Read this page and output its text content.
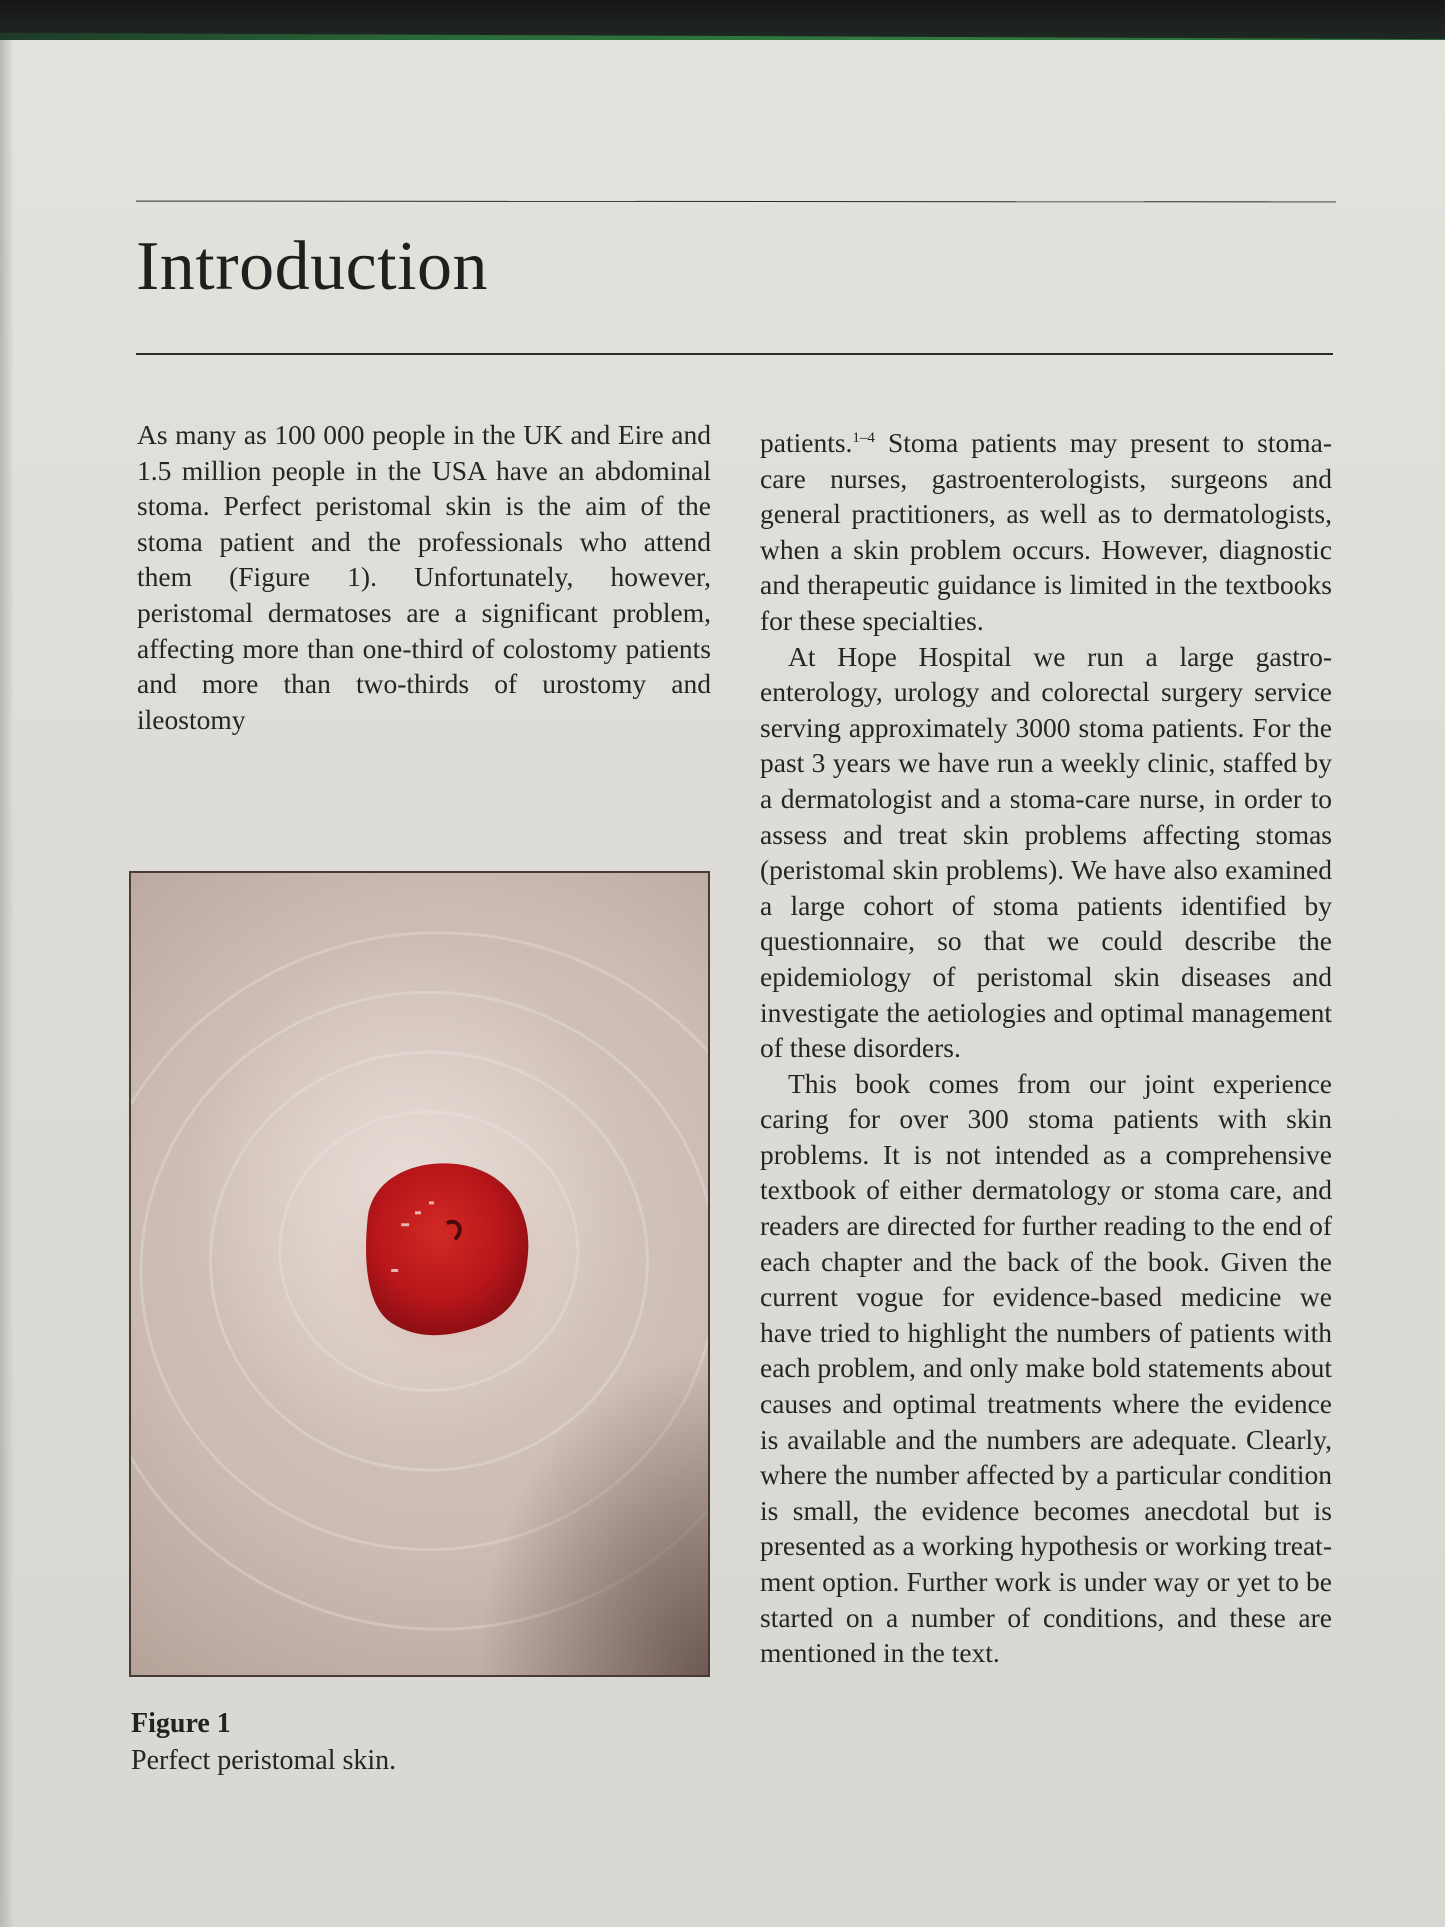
Introduction

As many as 100 000 people in the UK and Eire and 1.5 million people in the USA have an abdominal stoma. Perfect peristomal skin is the aim of the stoma patient and the professionals who attend them (Figure 1). Unfortunately, however, peristomal dermatoses are a significant problem, affecting more than one-third of colostomy patients and more than two-thirds of urostomy and ileostomy

patients.$^{1-4}$ Stoma patients may present to stoma-care nurses, gastroenterologists, surgeons and general practitioners, as well as to dermatologists, when a skin problem occurs. However, diagnostic and therapeutic guidance is limited in the textbooks for these specialties.

At Hope Hospital we run a large gastroenterology, urology and colorectal surgery service serving approximately 3000 stoma patients. For the past 3 years we have run a weekly clinic, staffed by a dermatologist and a stoma-care nurse, in order to assess and treat skin problems affecting stomas (peristomal skin problems). We have also examined a large cohort of stoma patients identified by questionnaire, so that we could describe the epidemiology of peristomal skin diseases and investigate the aetiologies and optimal management of these disorders.

This book comes from our joint experience caring for over 300 stoma patients with skin problems. It is not intended as a comprehensive textbook of either dermatology or stoma care, and readers are directed for further reading to the end of each chapter and the back of the book. Given the current vogue for evidence-based medicine we have tried to highlight the numbers of patients with each problem, and only make bold statements about causes and optimal treatments where the evidence is available and the numbers are adequate. Clearly, where the number affected by a particular condition is small, the evidence becomes anecdotal but is presented as a working hypothesis or working treatment option. Further work is under way or yet to be started on a number of conditions, and these are mentioned in the text.

Figure 1
Perfect peristomal skin.
